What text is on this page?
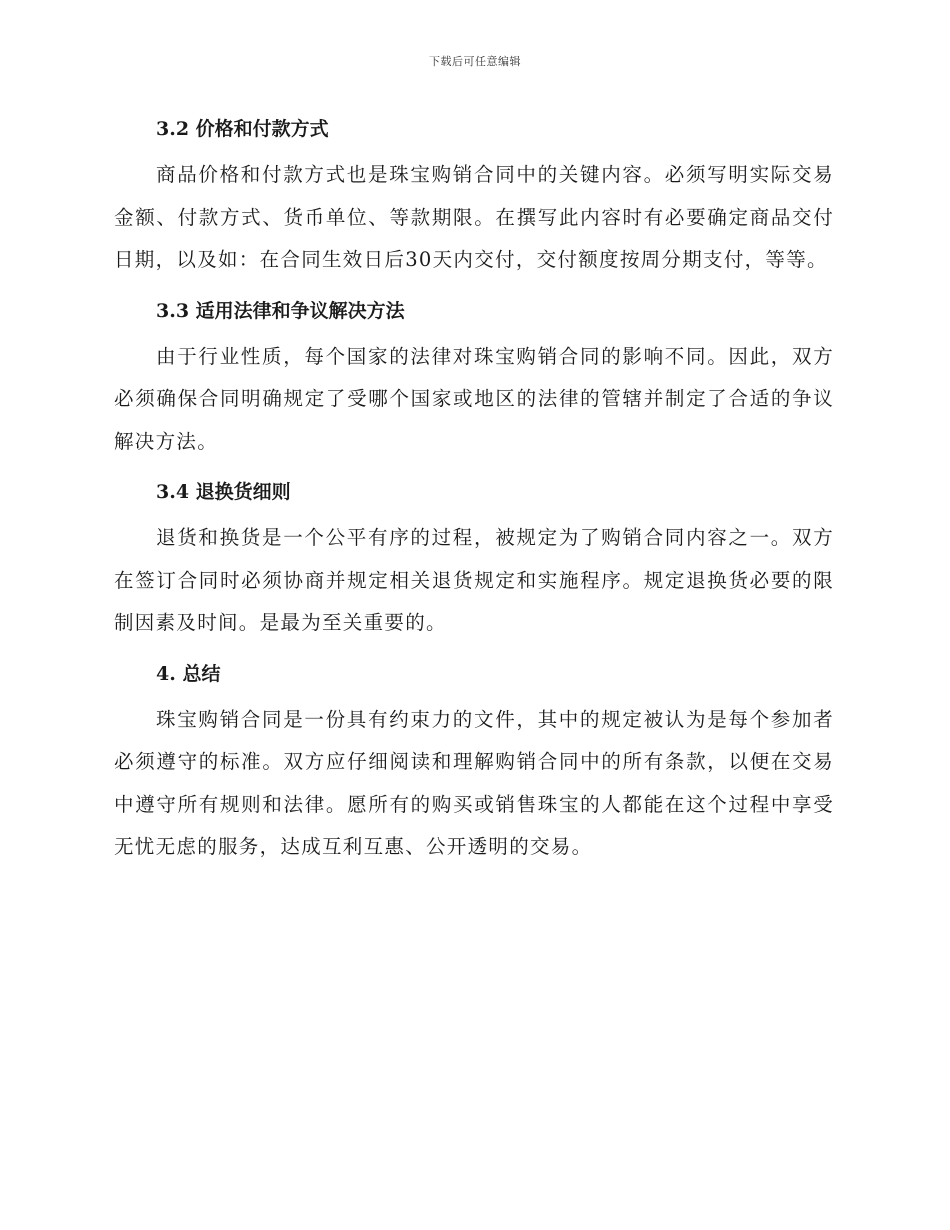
下载后可任意编辑
3.2 价格和付款方式

商品价格和付款方式也是珠宝购销合同中的关键内容。必须写明实际交易金额、付款方式、货币单位、等款期限。在撰写此内容时有必要确定商品交付日期，以及如：在合同生效日后30天内交付，交付额度按周分期支付，等等。

3.3 适用法律和争议解决方法

由于行业性质，每个国家的法律对珠宝购销合同的影响不同。因此，双方必须确保合同明确规定了受哪个国家或地区的法律的管辖并制定了合适的争议解决方法。

3.4 退换货细则

退货和换货是一个公平有序的过程，被规定为了购销合同内容之一。双方在签订合同时必须协商并规定相关退货规定和实施程序。规定退换货必要的限制因素及时间。是最为至关重要的。

4. 总结

珠宝购销合同是一份具有约束力的文件，其中的规定被认为是每个参加者必须遵守的标准。双方应仔细阅读和理解购销合同中的所有条款，以便在交易中遵守所有规则和法律。愿所有的购买或销售珠宝的人都能在这个过程中享受无忧无虑的服务，达成互利互惠、公开透明的交易。
